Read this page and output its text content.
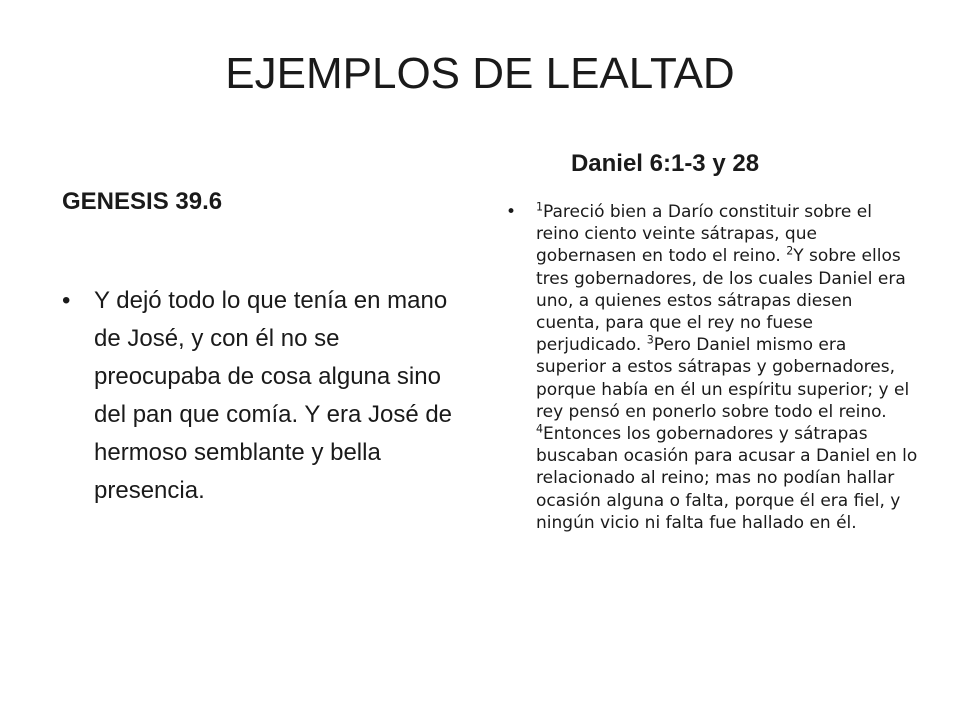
EJEMPLOS DE LEALTAD
GENESIS 39.6
• Y dejó todo lo que tenía en mano de José, y con él no se preocupaba de cosa alguna sino del pan que comía. Y era José de hermoso semblante y bella presencia.
Daniel 6:1-3 y 28
• $^1$Pareció bien a Darío constituir sobre el reino ciento veinte sátrapas, que gobernasen en todo el reino. $^2$Y sobre ellos tres gobernadores, de los cuales Daniel era uno, a quienes estos sátrapas diesen cuenta, para que el rey no fuese perjudicado. $^3$Pero Daniel mismo era superior a estos sátrapas y gobernadores, porque había en él un espíritu superior; y el rey pensó en ponerlo sobre todo el reino. $^4$Entonces los gobernadores y sátrapas buscaban ocasión para acusar a Daniel en lo relacionado al reino; mas no podían hallar ocasión alguna o falta, porque él era fiel, y ningún vicio ni falta fue hallado en él.
